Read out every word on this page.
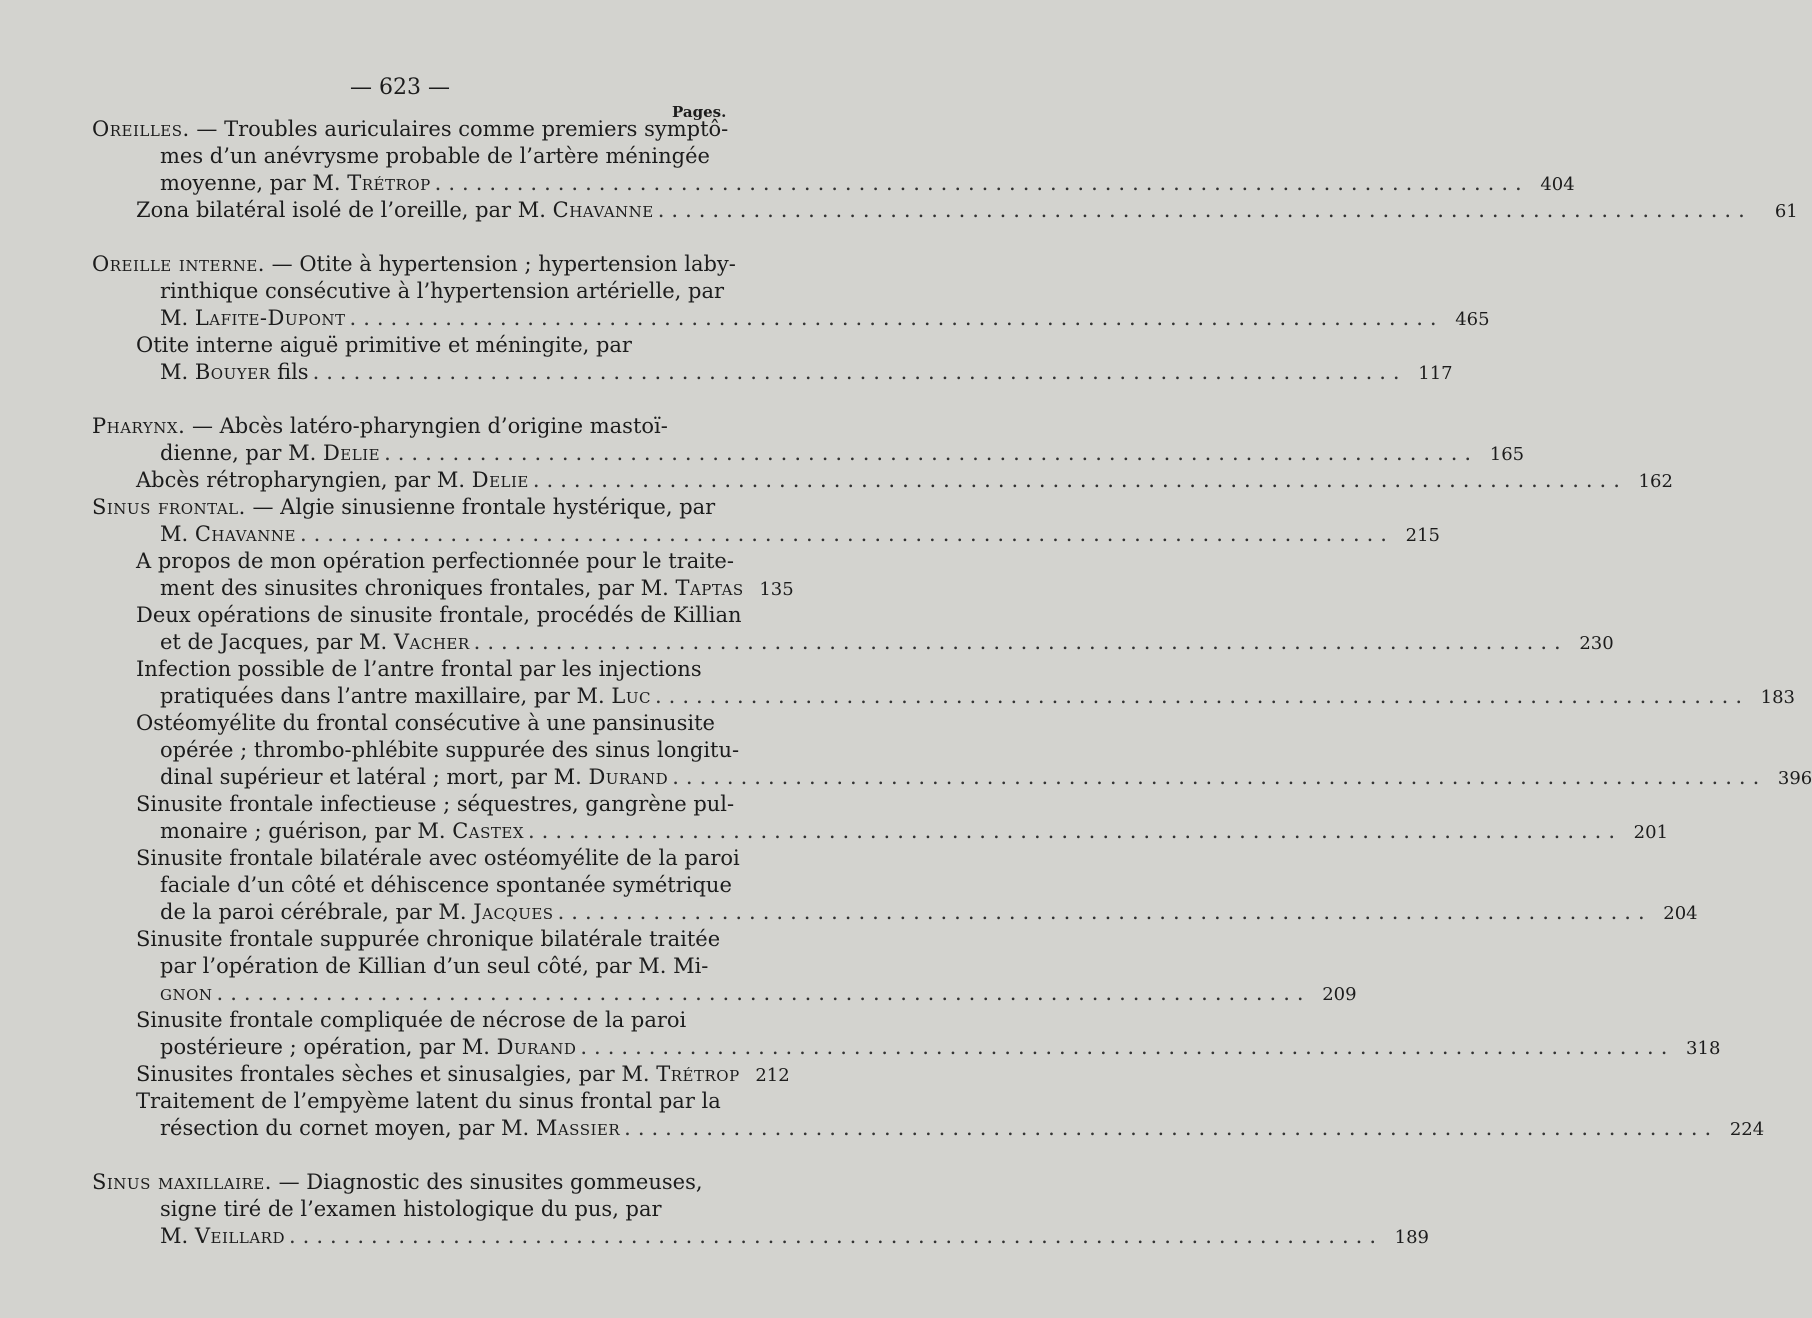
— 623 —
Pages.
Oreilles. — Troubles auriculaires comme premiers symptô-
mes d’un anévrysme probable de l’artère méningée
moyenne, par M. Trétrop ................................................................................ 404
Zona bilatéral isolé de l’oreille, par M. Chavanne ................................................................................	61
Oreille interne. — Otite à hypertension ; hypertension laby-
rinthique consécutive à l’hypertension artérielle, par
M. Lafite-Dupont ................................................................................ 465
Otite interne aiguë primitive et méningite, par
M. Bouyer fils ................................................................................ 117
Pharynx. — Abcès latéro-pharyngien d’origine mastoï-
dienne, par M. Delie ................................................................................ 165
Abcès rétropharyngien, par M. Delie ................................................................................ 162
Sinus frontal. — Algie sinusienne frontale hystérique, par
M. Chavanne ................................................................................ 215
A propos de mon opération perfectionnée pour le traite-
ment des sinusites chroniques frontales, par M. Taptas 135
Deux opérations de sinusite frontale, procédés de Killian
et de Jacques, par M. Vacher ................................................................................ 230
Infection possible de l’antre frontal par les injections
pratiquées dans l’antre maxillaire, par M. Luc ................................................................................ 183
Ostéomyélite du frontal consécutive à une pansinusite
opérée ; thrombo-phlébite suppurée des sinus longitu-
dinal supérieur et latéral ; mort, par M. Durand ................................................................................ 396
Sinusite frontale infectieuse ; séquestres, gangrène pul-
monaire ; guérison, par M. Castex ................................................................................ 201
Sinusite frontale bilatérale avec ostéomyélite de la paroi
faciale d’un côté et déhiscence spontanée symétrique
de la paroi cérébrale, par M. Jacques ................................................................................ 204
Sinusite frontale suppurée chronique bilatérale traitée
par l’opération de Killian d’un seul côté, par M. Mi-
gnon ................................................................................ 209
Sinusite frontale compliquée de nécrose de la paroi
postérieure ; opération, par M. Durand ................................................................................ 318
Sinusites frontales sèches et sinusalgies, par M. Trétrop 212
Traitement de l’empyème latent du sinus frontal par la
résection du cornet moyen, par M. Massier ................................................................................ 224
Sinus maxillaire. — Diagnostic des sinusites gommeuses,
signe tiré de l’examen histologique du pus, par
M. Veillard ................................................................................ 189
